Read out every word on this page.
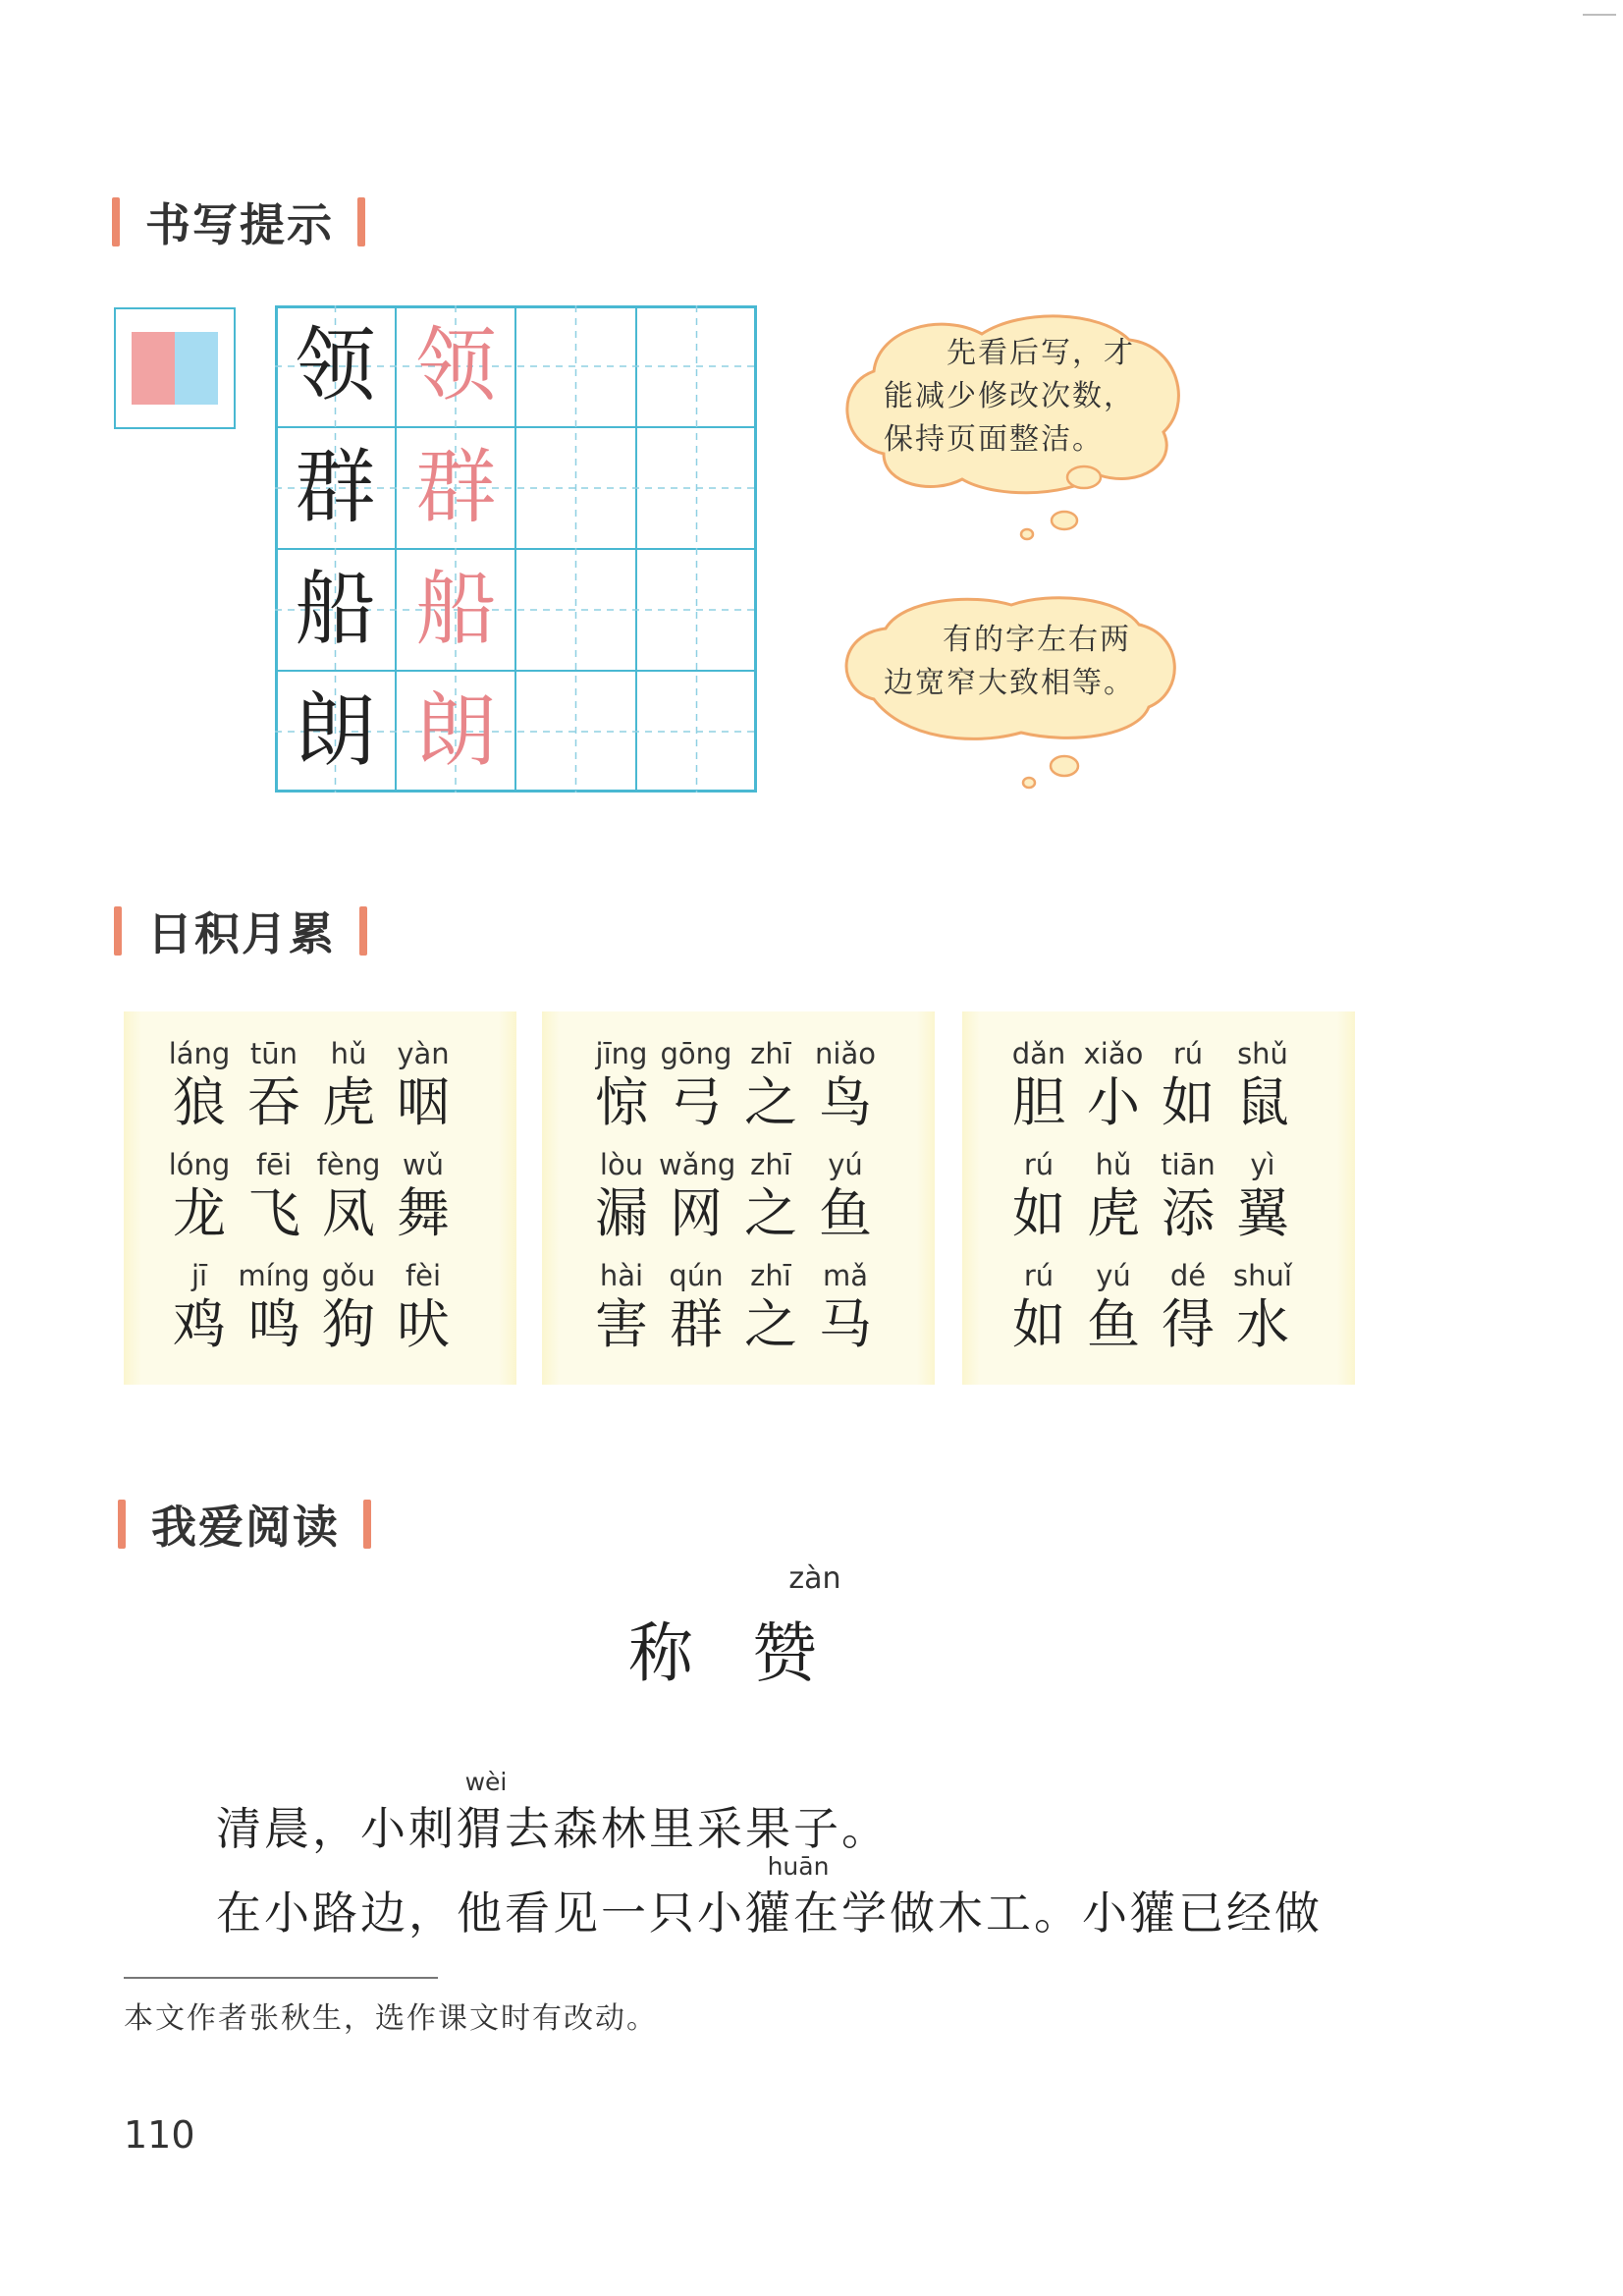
书写提示
领 领
群 群
船 船
朗 朗
先看后写，才能减少修改次数，保持页面整洁。
有的字左右两边宽窄大致相等。
日积月累
láng
狼
tūn
吞
hǔ
虎
yàn
咽
lóng
龙
fēi
飞
fèng
凤
wǔ
舞
jī
鸡
míng
鸣
gǒu
狗
fèi
吠
jīng
惊
gōng
弓
zhī
之
niǎo
鸟
lòu
漏
wǎng
网
zhī
之
yú
鱼
hài
害
qún
群
zhī
之
mǎ
马
dǎn
胆
xiǎo
小
rú
如
shǔ
鼠
rú
如
hǔ
虎
tiān
添
yì
翼
rú
如
yú
鱼
dé
得
shuǐ
水
我爱阅读
zàn
称赞
wèi
清晨，小刺猬去森林里采果子。
huān
在小路边，他看见一只小獾在学做木工。小獾已经做
本文作者张秋生，选作课文时有改动。
110
